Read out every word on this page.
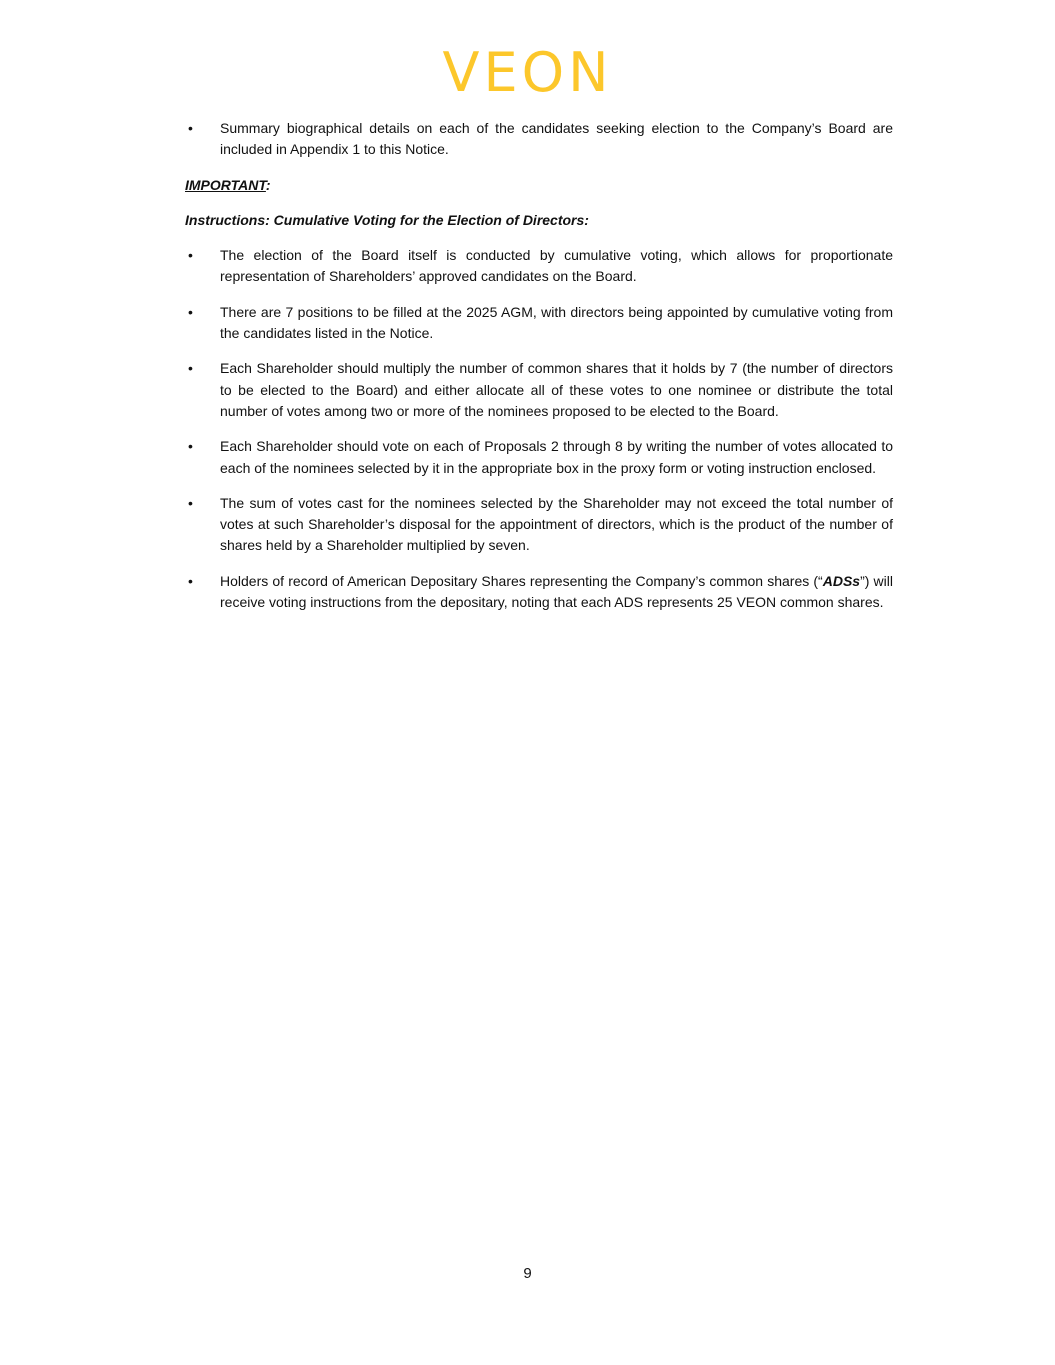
VEON
• Summary biographical details on each of the candidates seeking election to the Company’s Board are included in Appendix 1 to this Notice.

IMPORTANT:

Instructions: Cumulative Voting for the Election of Directors:

• The election of the Board itself is conducted by cumulative voting, which allows for proportionate representation of Shareholders’ approved candidates on the Board.
• There are 7 positions to be filled at the 2025 AGM, with directors being appointed by cumulative voting from the candidates listed in the Notice.
• Each Shareholder should multiply the number of common shares that it holds by 7 (the number of directors to be elected to the Board) and either allocate all of these votes to one nominee or distribute the total number of votes among two or more of the nominees proposed to be elected to the Board.
• Each Shareholder should vote on each of Proposals 2 through 8 by writing the number of votes allocated to each of the nominees selected by it in the appropriate box in the proxy form or voting instruction enclosed.
• The sum of votes cast for the nominees selected by the Shareholder may not exceed the total number of votes at such Shareholder’s disposal for the appointment of directors, which is the product of the number of shares held by a Shareholder multiplied by seven.
• Holders of record of American Depositary Shares representing the Company’s common shares (“ADSs”) will receive voting instructions from the depositary, noting that each ADS represents 25 VEON common shares.
9
